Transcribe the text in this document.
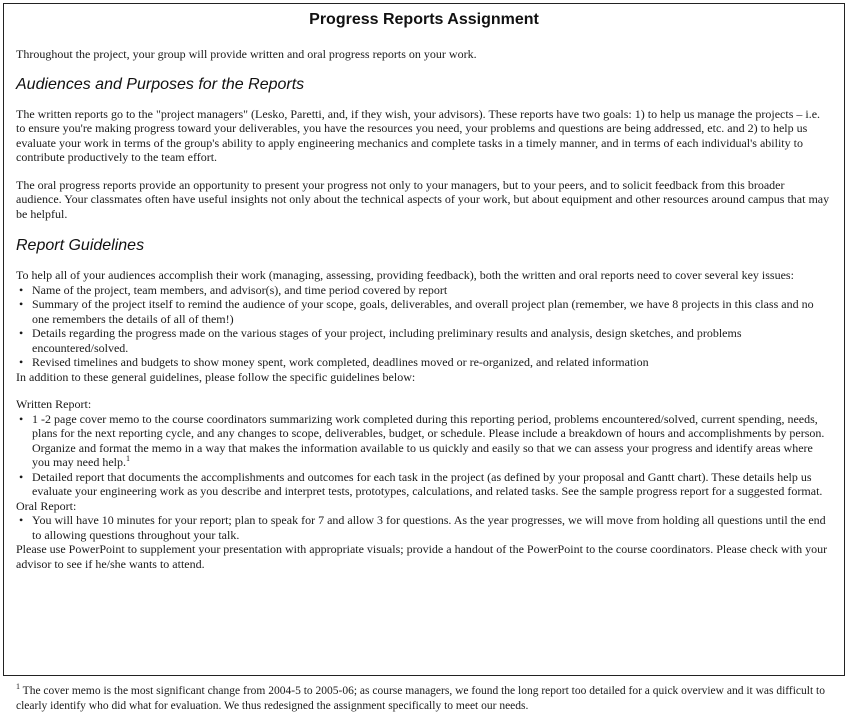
Progress Reports Assignment

Throughout the project, your group will provide written and oral progress reports on your work.

Audiences and Purposes for the Reports

The written reports go to the "project managers" (Lesko, Paretti, and, if they wish, your advisors). These reports have two goals: 1) to help us manage the projects – i.e. to ensure you're making progress toward your deliverables, you have the resources you need, your problems and questions are being addressed, etc. and 2) to help us evaluate your work in terms of the group's ability to apply engineering mechanics and complete tasks in a timely manner, and in terms of each individual's ability to contribute productively to the team effort.

The oral progress reports provide an opportunity to present your progress not only to your managers, but to your peers, and to solicit feedback from this broader audience. Your classmates often have useful insights not only about the technical aspects of your work, but about equipment and other resources around campus that may be helpful.

Report Guidelines

To help all of your audiences accomplish their work (managing, assessing, providing feedback), both the written and oral reports need to cover several key issues:

• Name of the project, team members, and advisor(s), and time period covered by report
• Summary of the project itself to remind the audience of your scope, goals, deliverables, and overall project plan (remember, we have 8 projects in this class and no one remembers the details of all of them!)
• Details regarding the progress made on the various stages of your project, including preliminary results and analysis, design sketches, and problems encountered/solved.
• Revised timelines and budgets to show money spent, work completed, deadlines moved or re-organized, and related information

In addition to these general guidelines, please follow the specific guidelines below:

Written Report:

• 1 -2 page cover memo to the course coordinators summarizing work completed during this reporting period, problems encountered/solved, current spending, needs, plans for the next reporting cycle, and any changes to scope, deliverables, budget, or schedule. Please include a breakdown of hours and accomplishments by person. Organize and format the memo in a way that makes the information available to us quickly and easily so that we can assess your progress and identify areas where you may need help.$^1$
• Detailed report that documents the accomplishments and outcomes for each task in the project (as defined by your proposal and Gantt chart). These details help us evaluate your engineering work as you describe and interpret tests, prototypes, calculations, and related tasks. See the sample progress report for a suggested format.

Oral Report:

• You will have 10 minutes for your report; plan to speak for 7 and allow 3 for questions. As the year progresses, we will move from holding all questions until the end to allowing questions throughout your talk.

Please use PowerPoint to supplement your presentation with appropriate visuals; provide a handout of the PowerPoint to the course coordinators. Please check with your advisor to see if he/she wants to attend.

$^1$ The cover memo is the most significant change from 2004-5 to 2005-06; as course managers, we found the long report too detailed for a quick overview and it was difficult to clearly identify who did what for evaluation. We thus redesigned the assignment specifically to meet our needs.
